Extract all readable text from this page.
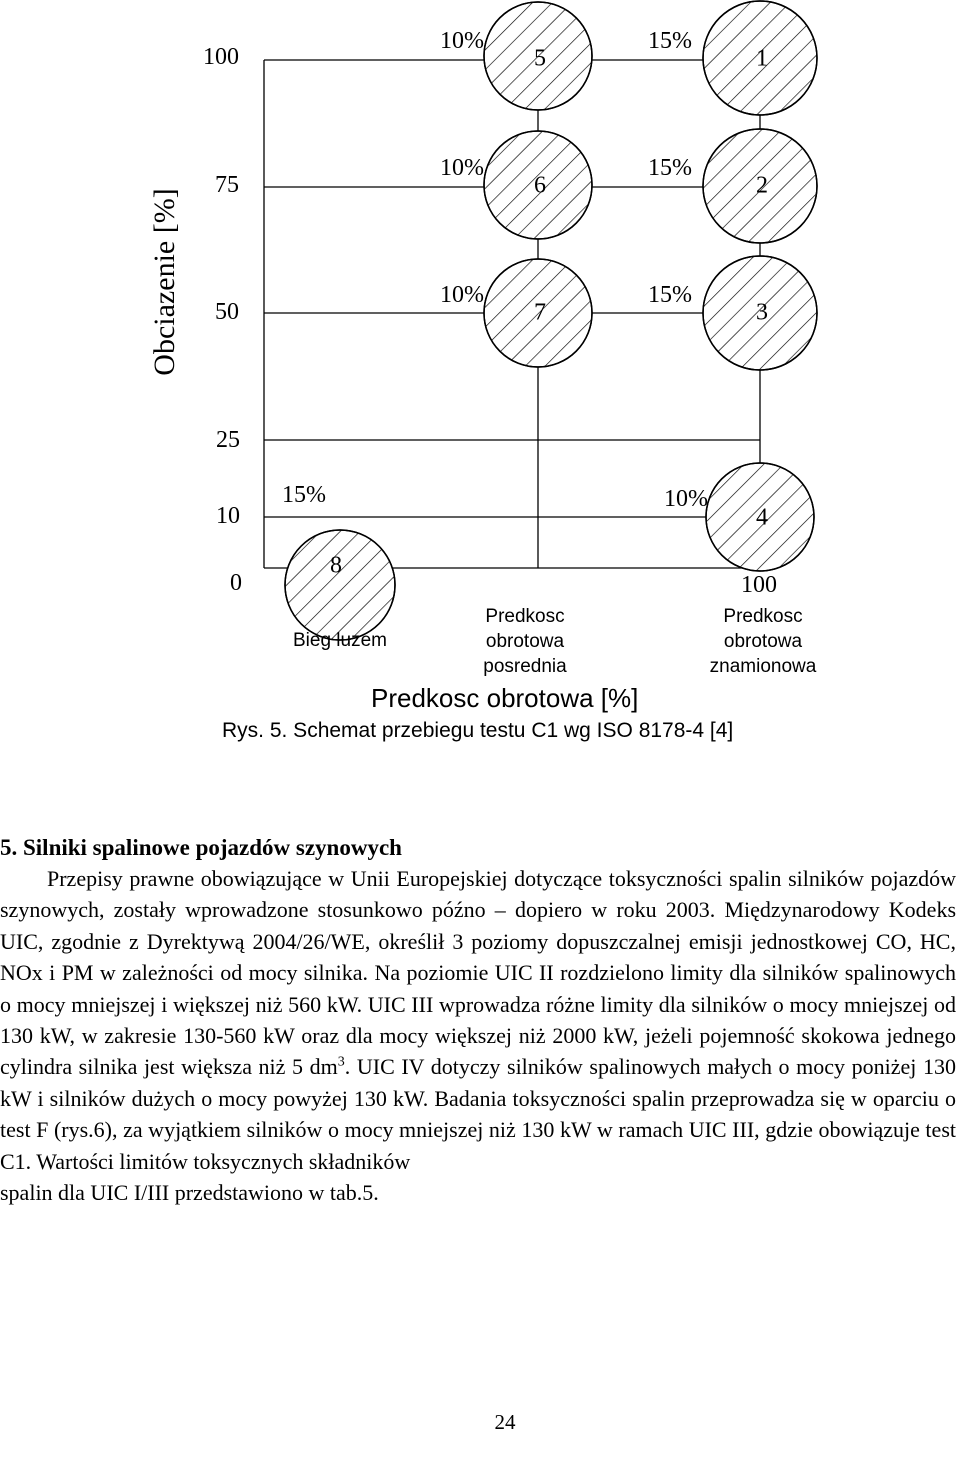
Obciazenie [%]
100
75
50
25
10
0
10%	15%
10%	15%
10%	15%
15%	10%
1
2
3
4
5
6
7
8
100
Bieg luzem
Predkosc
obrotowa
posrednia
Predkosc
obrotowa
znamionowa
Predkosc obrotowa [%]
Rys. 5. Schemat przebiegu testu C1 wg ISO 8178-4 [4]
5. Silniki spalinowe pojazdów szynowych

Przepisy prawne obowiązujące w Unii Europejskiej dotyczące toksyczności spalin silników pojazdów szynowych, zostały wprowadzone stosunkowo późno – dopiero w roku 2003. Międzynarodowy Kodeks UIC, zgodnie z Dyrektywą 2004/26/WE, określił 3 poziomy dopuszczalnej emisji jednostkowej CO, HC, NOx i PM w zależności od mocy silnika. Na poziomie UIC II rozdzielono limity dla silników spalinowych o mocy mniejszej i większej niż 560 kW. UIC III wprowadza różne limity dla silników o mocy mniejszej od 130 kW, w zakresie 130-560 kW oraz dla mocy większej niż 2000 kW, jeżeli pojemność skokowa jednego cylindra silnika jest większa niż 5 $dm^3$. UIC IV dotyczy silników spalinowych małych o mocy poniżej 130 kW i silników dużych o mocy powyżej 130 kW. Badania toksyczności spalin przeprowadza się w oparciu o test F (rys.6), za wyjątkiem silników o mocy mniejszej niż 130 kW w ramach UIC III, gdzie obowiązuje test C1. Wartości limitów toksycznych składników

spalin dla UIC I/III przedstawiono w tab.5.

24
